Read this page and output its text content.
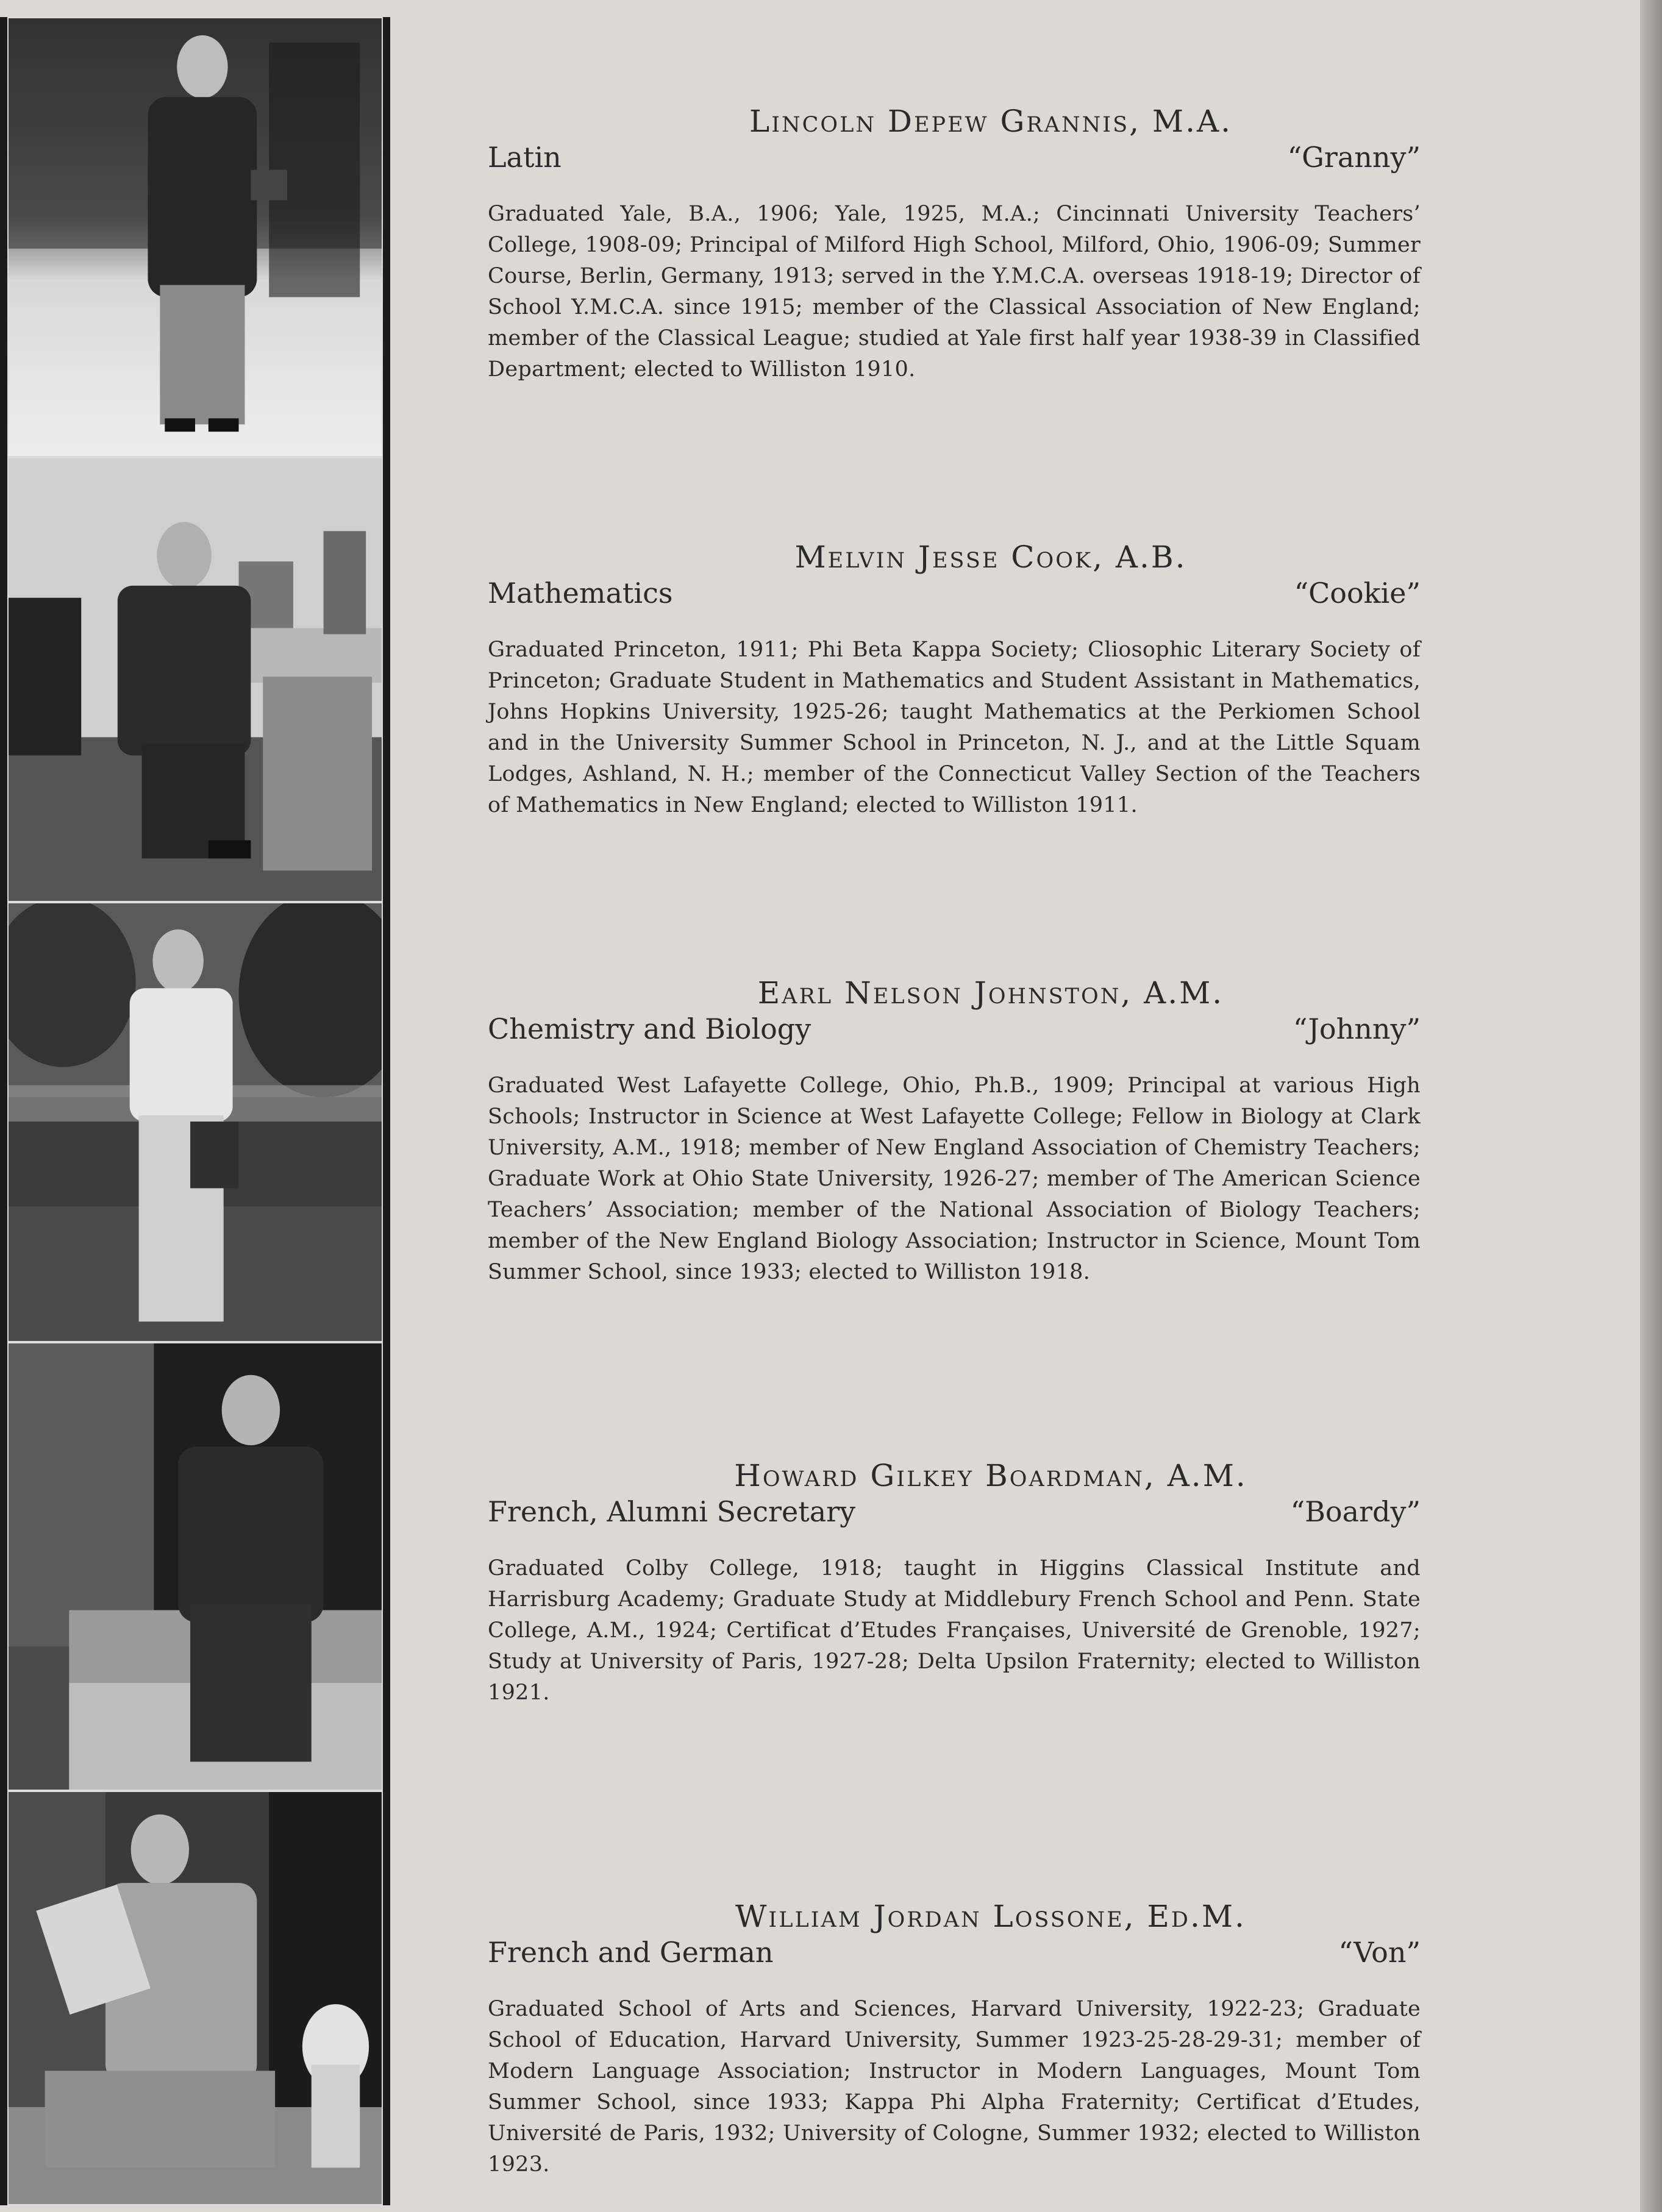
Lincoln Depew Grannis, M.A.
Latin	“Granny”
Graduated Yale, B.A., 1906; Yale, 1925, M.A.; Cincinnati University Teachers’ College, 1908-09; Principal of Milford High School, Milford, Ohio, 1906-09; Summer Course, Berlin, Germany, 1913; served in the Y.M.C.A. overseas 1918-19; Director of School Y.M.C.A. since 1915; member of the Classical Association of New England; member of the Classical League; studied at Yale first half year 1938-39 in Classified Department; elected to Williston 1910.
Melvin Jesse Cook, A.B.
Mathematics	“Cookie”
Graduated Princeton, 1911; Phi Beta Kappa Society; Cliosophic Literary Society of Princeton; Graduate Student in Mathematics and Student Assistant in Mathematics, Johns Hopkins University, 1925-26; taught Mathematics at the Perkiomen School and in the University Summer School in Princeton, N. J., and at the Little Squam Lodges, Ashland, N. H.; member of the Connecticut Valley Section of the Teachers of Mathematics in New England; elected to Williston 1911.
Earl Nelson Johnston, A.M.
Chemistry and Biology	“Johnny”
Graduated West Lafayette College, Ohio, Ph.B., 1909; Principal at various High Schools; Instructor in Science at West Lafayette College; Fellow in Biology at Clark University, A.M., 1918; member of New England Association of Chemistry Teachers; Graduate Work at Ohio State University, 1926-27; member of The American Science Teachers’ Association; member of the National Association of Biology Teachers; member of the New England Biology Association; Instructor in Science, Mount Tom Summer School, since 1933; elected to Williston 1918.
Howard Gilkey Boardman, A.M.
French, Alumni Secretary	“Boardy”
Graduated Colby College, 1918; taught in Higgins Classical Institute and Harrisburg Academy; Graduate Study at Middlebury French School and Penn. State College, A.M., 1924; Certificat d’Etudes Françaises, Université de Grenoble, 1927; Study at University of Paris, 1927-28; Delta Upsilon Fraternity; elected to Williston 1921.
William Jordan Lossone, Ed.M.
French and German	“Von”
Graduated School of Arts and Sciences, Harvard University, 1922-23; Graduate School of Education, Harvard University, Summer 1923-25-28-29-31; member of Modern Language Association; Instructor in Modern Languages, Mount Tom Summer School, since 1933; Kappa Phi Alpha Fraternity; Certificat d’Etudes, Université de Paris, 1932; University of Cologne, Summer 1932; elected to Williston 1923.
